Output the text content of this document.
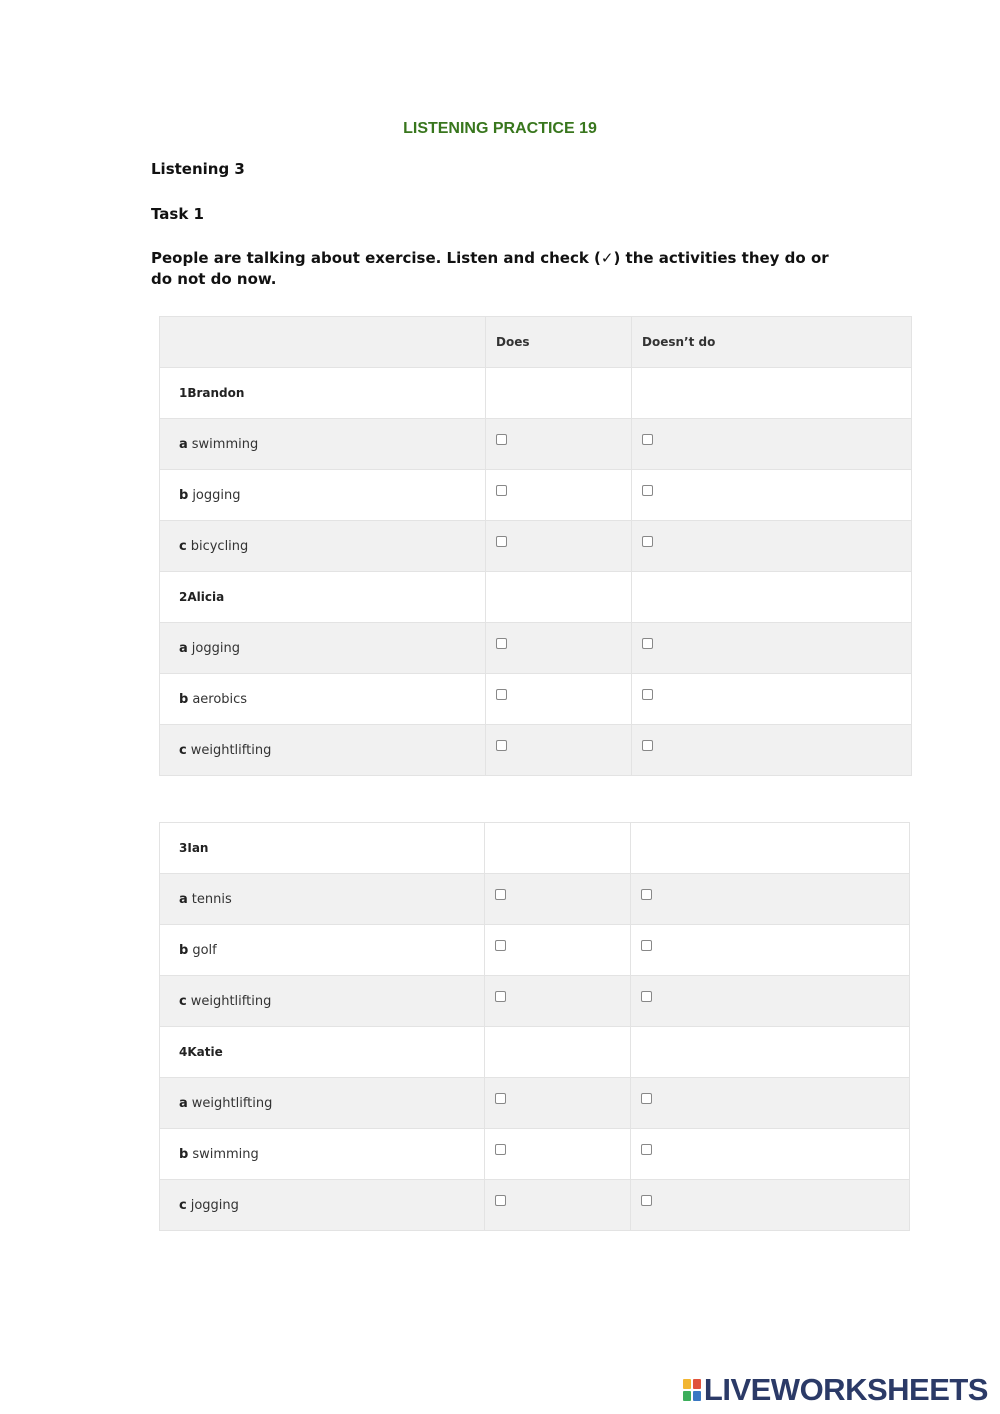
LISTENING PRACTICE 19

Listening 3

Task 1

People are talking about exercise. Listen and check (✓) the activities they do or do not do now.

	Does	Doesn’t do
1Brandon		
a swimming		
b jogging		
c bicycling		
2Alicia		
a jogging		
b aerobics		
c weightlifting		
3Ian		
a tennis		
b golf		
c weightlifting		
4Katie		
a weightlifting		
b swimming		
c jogging		
LIVEWORKSHEETS
